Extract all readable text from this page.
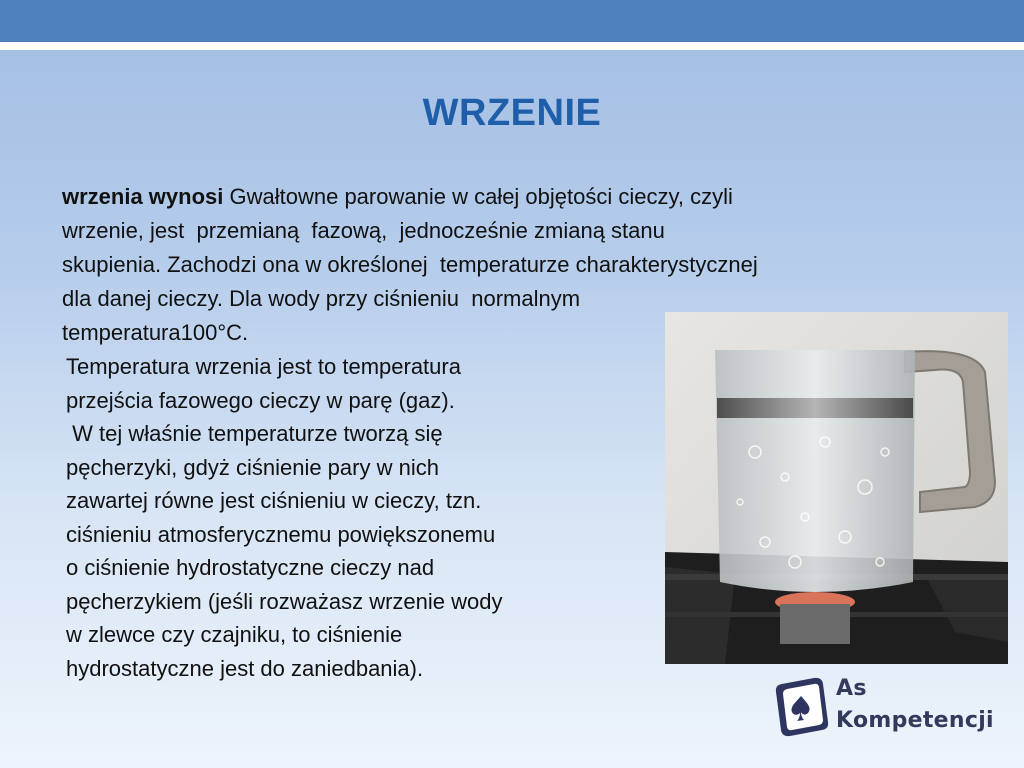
WRZENIE
wrzenia wynosi Gwałtowne parowanie w całej objętości cieczy, czyli
wrzenie, jest  przemianą  fazową,  jednocześnie zmianą stanu
skupienia. Zachodzi ona w określonej  temperaturze charakterystycznej
dla danej cieczy. Dla wody przy ciśnieniu  normalnym
temperatura100°C.
Temperatura wrzenia jest to temperatura
przejścia fazowego cieczy w parę (gaz).
W tej właśnie temperaturze tworzą się
pęcherzyki, gdyż ciśnienie pary w nich
zawartej równe jest ciśnieniu w cieczy, tzn.
ciśnieniu atmosferycznemu powiększonemu
o ciśnienie hydrostatyczne cieczy nad
pęcherzykiem (jeśli rozważasz wrzenie wody
w zlewce czy czajniku, to ciśnienie
hydrostatyczne jest do zaniedbania).
As
Kompetencji
